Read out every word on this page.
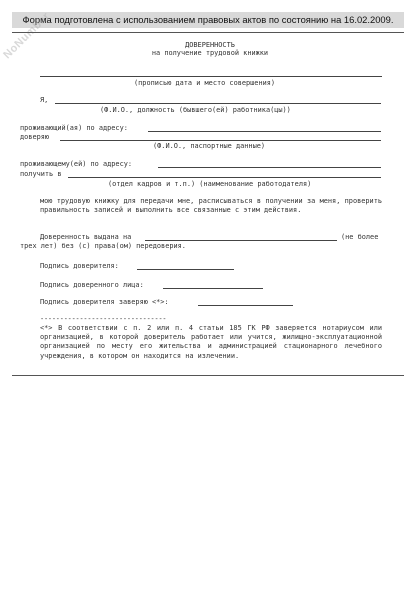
Форма подготовлена с использованием правовых актов по состоянию на 16.02.2009.
NoNumber	ДОВЕРЕННОСТЬ
на получение трудовой книжки
(прописью дата и место совершения)
Я,
(Ф.И.О., должность (бывшего(ей) работника(цы))
проживающий(ая) по адресу:
доверяю
(Ф.И.О., паспортные данные)
проживающему(ей) по адресу:
получить в
(отдел кадров и т.п.) (наименование работодателя)
мою трудовую книжку для передачи мне, расписываться в получении за меня, проверить правильность записей и выполнить все связанные с этим действия.
Доверенность выдана на	(не более
трех лет) без (с) права(ом) передоверия.
Подпись доверителя:
Подпись доверенного лица:
Подпись доверителя заверяю <*>:
--------------------------------
<*> В соответствии с п. 2 или п. 4 статьи 185 ГК РФ заверяется нотариусом или организацией, в которой доверитель работает или учится, жилищно-эксплуатационной организацией по месту его жительства и администрацией стационарного лечебного учреждения, в котором он находится на излечении.
